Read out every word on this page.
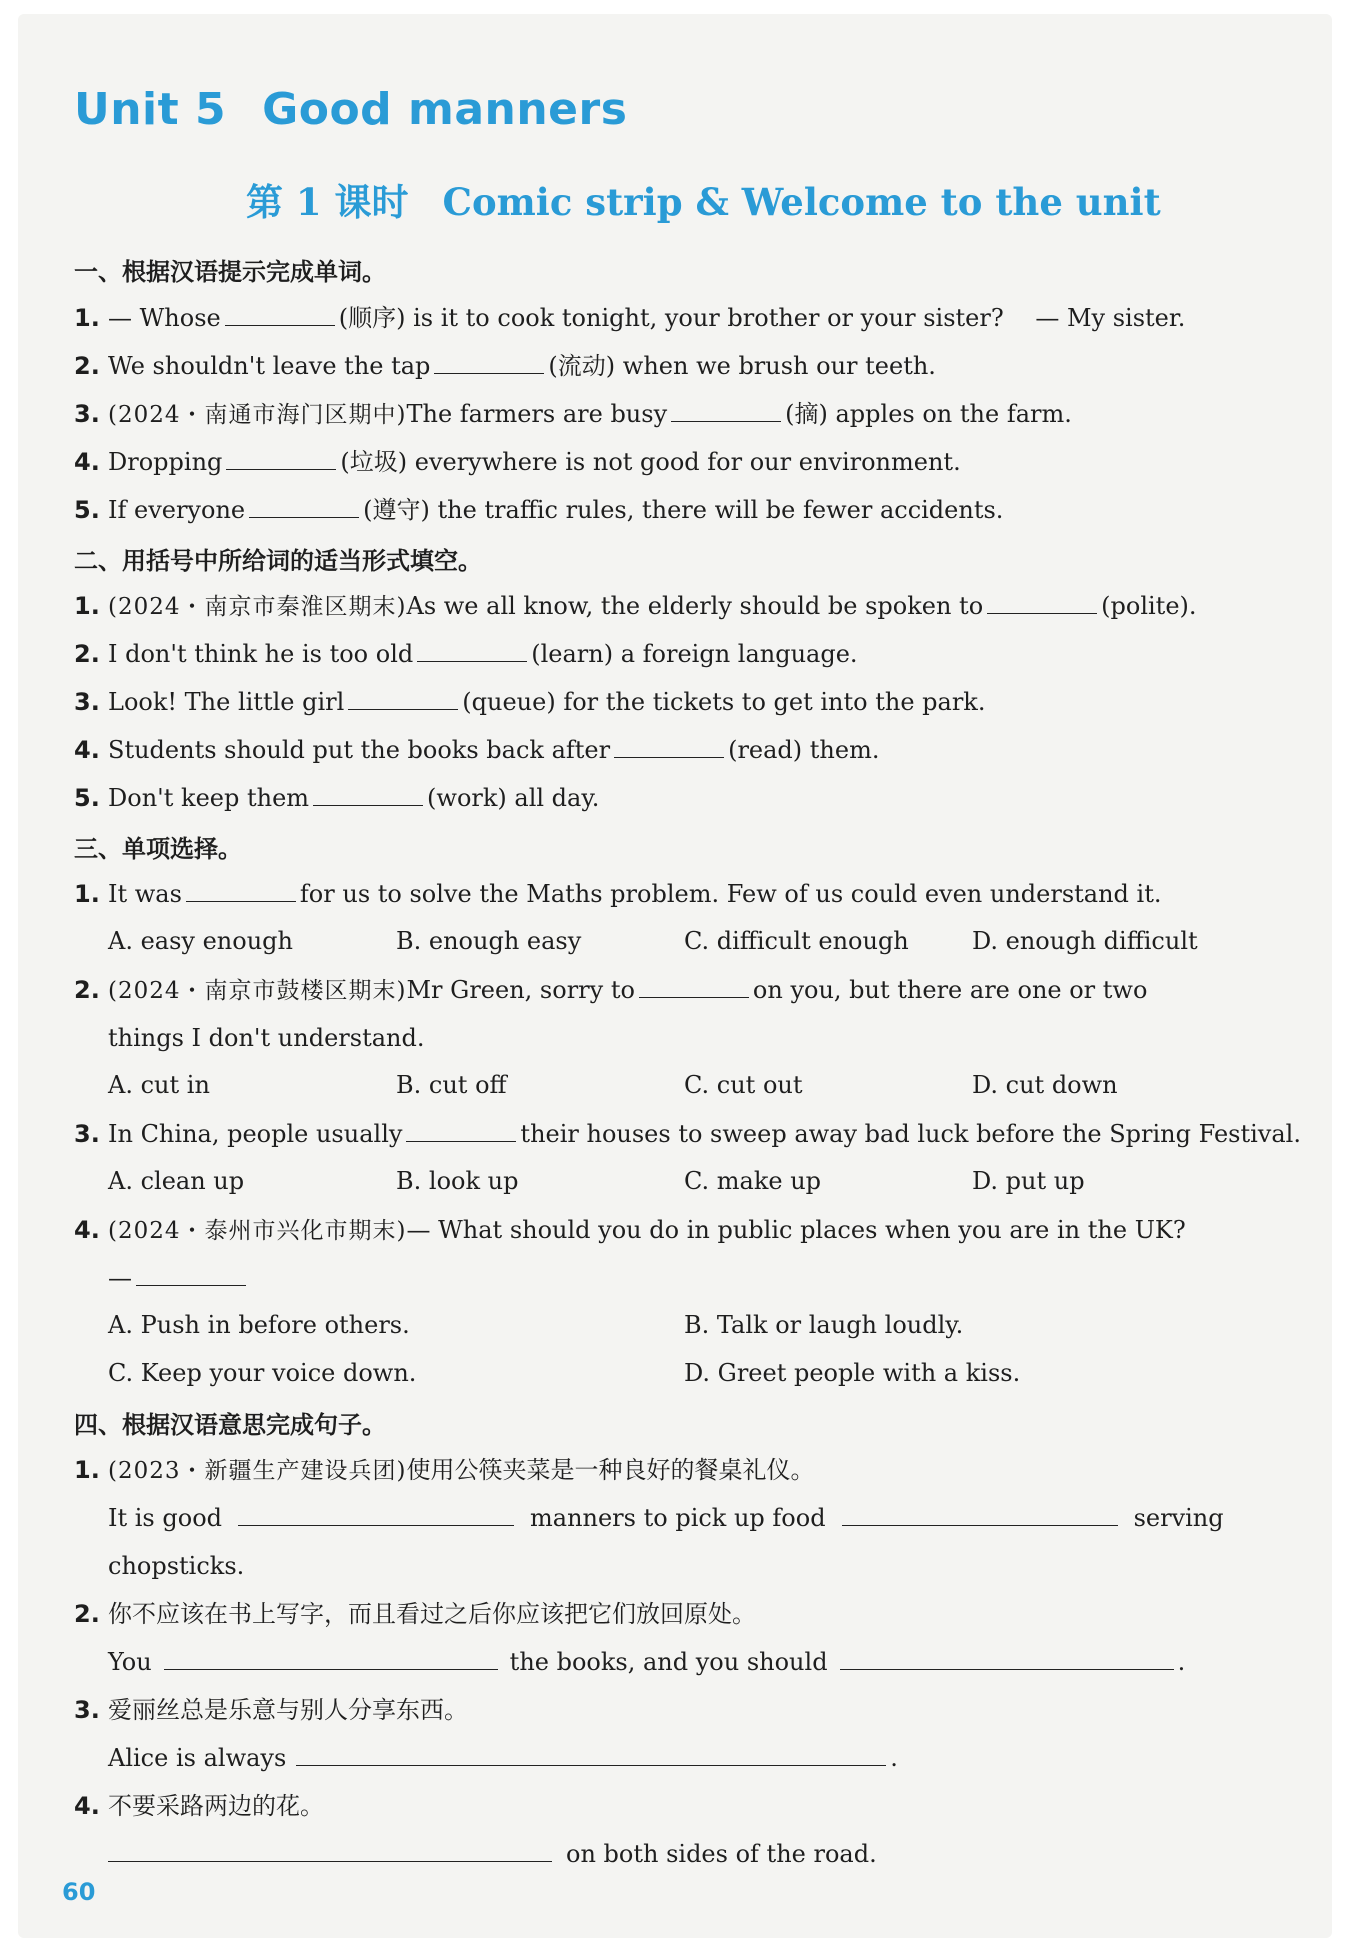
Unit 5 Good manners
第 1 课时 Comic strip & Welcome to the unit
一、根据汉语提示完成单词。
1. — Whose	(顺序) is it to cook tonight, your brother or your sister?　 — My sister.
2. We shouldn't leave the tap	(流动) when we brush our teeth.
3. (2024・南通市海门区期中)The farmers are busy	(摘) apples on the farm.
4. Dropping	(垃圾) everywhere is not good for our environment.
5. If everyone	(遵守) the traffic rules, there will be fewer accidents.
二、用括号中所给词的适当形式填空。
1. (2024・南京市秦淮区期末)As we all know, the elderly should be spoken to	(polite).
2. I don't think he is too old	(learn) a foreign language.
3. Look! The little girl	(queue) for the tickets to get into the park.
4. Students should put the books back after	(read) them.
5. Don't keep them	(work) all day.
三、单项选择。
1. It was	for us to solve the Maths problem. Few of us could even understand it.
A. easy enough	B. enough easy	C. difficult enough	D. enough difficult
2. (2024・南京市鼓楼区期末)Mr Green, sorry to	on you, but there are one or two
things I don't understand.
A. cut in	B. cut off	C. cut out	D. cut down
3. In China, people usually	their houses to sweep away bad luck before the Spring Festival.
A. clean up	B. look up	C. make up	D. put up
4. (2024・泰州市兴化市期末)— What should you do in public places when you are in the UK?
—
A. Push in before others.	B. Talk or laugh loudly.
C. Keep your voice down.	D. Greet people with a kiss.
四、根据汉语意思完成句子。
1. (2023・新疆生产建设兵团)使用公筷夹菜是一种良好的餐桌礼仪。
It is good	manners to pick up food	serving
chopsticks.
2. 你不应该在书上写字，而且看过之后你应该把它们放回原处。
You	the books, and you should	.
3. 爱丽丝总是乐意与别人分享东西。
Alice is always	.
4. 不要采路两边的花。
on both sides of the road.
60
